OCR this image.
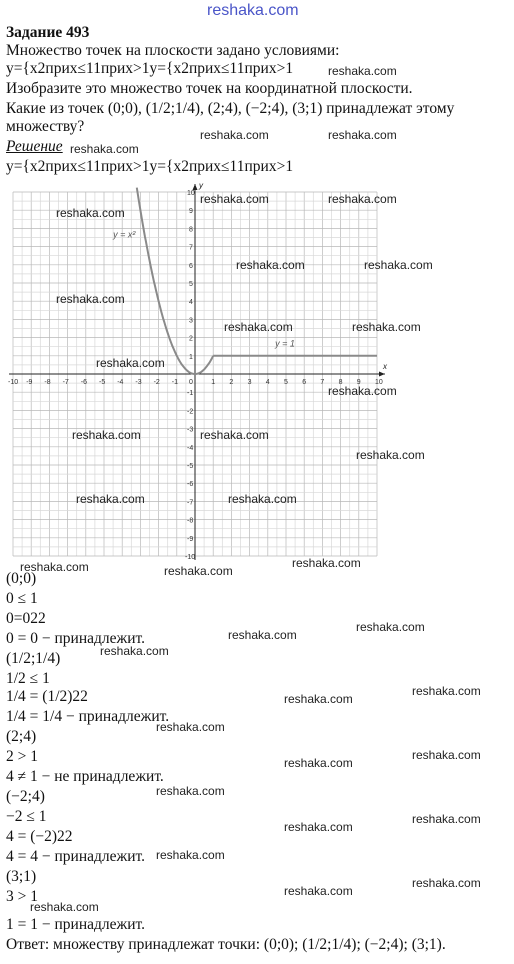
reshaka.com
Задание 493
Множество точек на плоскости задано условиями:
y={x2прих≤11прих>1y={x2прих≤11прих>1
Изобразите это множество точек на координатной плоскости.
Какие из точек (0;0), (1/2;1/4), (2;4), (−2;4), (3;1) принадлежат этому
множеству?
Решение
y={x2прих≤11прих>1y={x2прих≤11прих>1
x
y
-10 -9 -8 -7 -6 -5 -4 -3 -2 -1 0	1 2 3 4 5 6 7 8 9 10
10
9
8
7
6
5
4
3
2
1
-1
-2
-3
-4
-5
-6
-7
-8
-9
-10
y = x²
y = 1
(0;0)
0 ≤ 1
0=022
0 = 0 − принадлежит.
(1/2;1/4)
1/2 ≤ 1
1/4 = (1/2)22
1/4 = 1/4 − принадлежит.
(2;4)
2 > 1
4 ≠ 1 − не принадлежит.
(−2;4)
−2 ≤ 1
4 = (−2)22
4 = 4 − принадлежит.
(3;1)
3 > 1
1 = 1 − принадлежит.
Ответ: множеству принадлежат точки: (0;0); (1/2;1/4); (−2;4); (3;1).
reshaka.com
reshaka.com	reshaka.com
reshaka.com
reshaka.com	reshaka.com
reshaka.com
reshaka.com	reshaka.com
reshaka.com
reshaka.com	reshaka.com
reshaka.com
reshaka.com
reshaka.com	reshaka.com
reshaka.com
reshaka.com	reshaka.com
reshaka.com
reshaka.com
reshaka.com
reshaka.com
reshaka.com
reshaka.com
reshaka.com
reshaka.com
reshaka.com
reshaka.com
reshaka.com
reshaka.com
reshaka.com
reshaka.com
reshaka.com
reshaka.com
reshaka.com
reshaka.com
